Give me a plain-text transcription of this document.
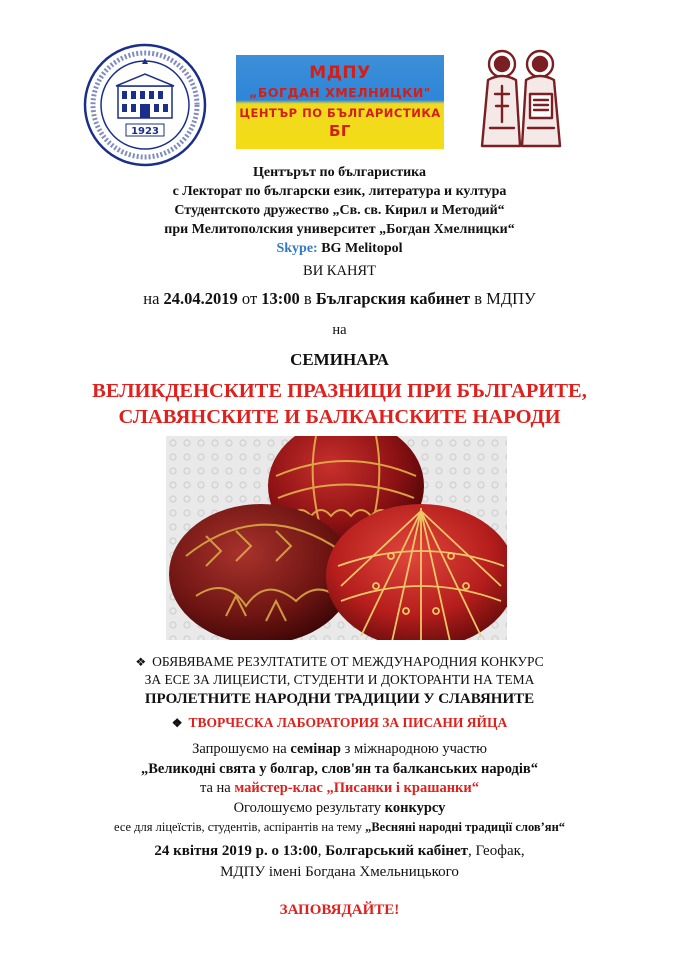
1923
МДПУ
„БОГДАН ХМЕЛНИЦКИ"
ЦЕНТЪР ПО БЪЛГАРИСТИКА
БГ
Центърът по българистика
с Лекторат по български език, литература и култура
Студентското дружество „Св. св. Кирил и Методий“
при Мелитополския университет „Богдан Хмелницки“
Skype: BG Melitopol
ВИ КАНЯТ
на 24.04.2019 от 13:00 в Българския кабинет в МДПУ
на
СЕМИНАРА
ВЕЛИКДЕНСКИТЕ ПРАЗНИЦИ ПРИ БЪЛГАРИТЕ,
СЛАВЯНСКИТЕ И БАЛКАНСКИТЕ НАРОДИ
❖ ОБЯВЯВАМЕ РЕЗУЛТАТИТЕ ОТ МЕЖДУНАРОДНИЯ КОНКУРС
ЗА ЕСЕ ЗА ЛИЦЕИСТИ, СТУДЕНТИ И ДОКТОРАНТИ НА ТЕМА
ПРОЛЕТНИТЕ НАРОДНИ ТРАДИЦИИ У СЛАВЯНИТЕ
❖ ТВОРЧЕСКА ЛАБОРАТОРИЯ ЗА ПИСАНИ ЯЙЦА
Запрошуємо на семінар з міжнародною участю
„Великодні свята у болгар, слов'ян та балканських народів“
та на майстер-клас „Писанки і крашанки“
Оголошуємо результату конкурсу
есе для ліцеїстів, студентів, аспірантів на тему „Весняні народні традиції слов’ян“
24 квітня 2019 р. о 13:00, Болгарський кабінет, Геофак,
МДПУ імені Богдана Хмельницького
ЗАПОВЯДАЙТЕ!
